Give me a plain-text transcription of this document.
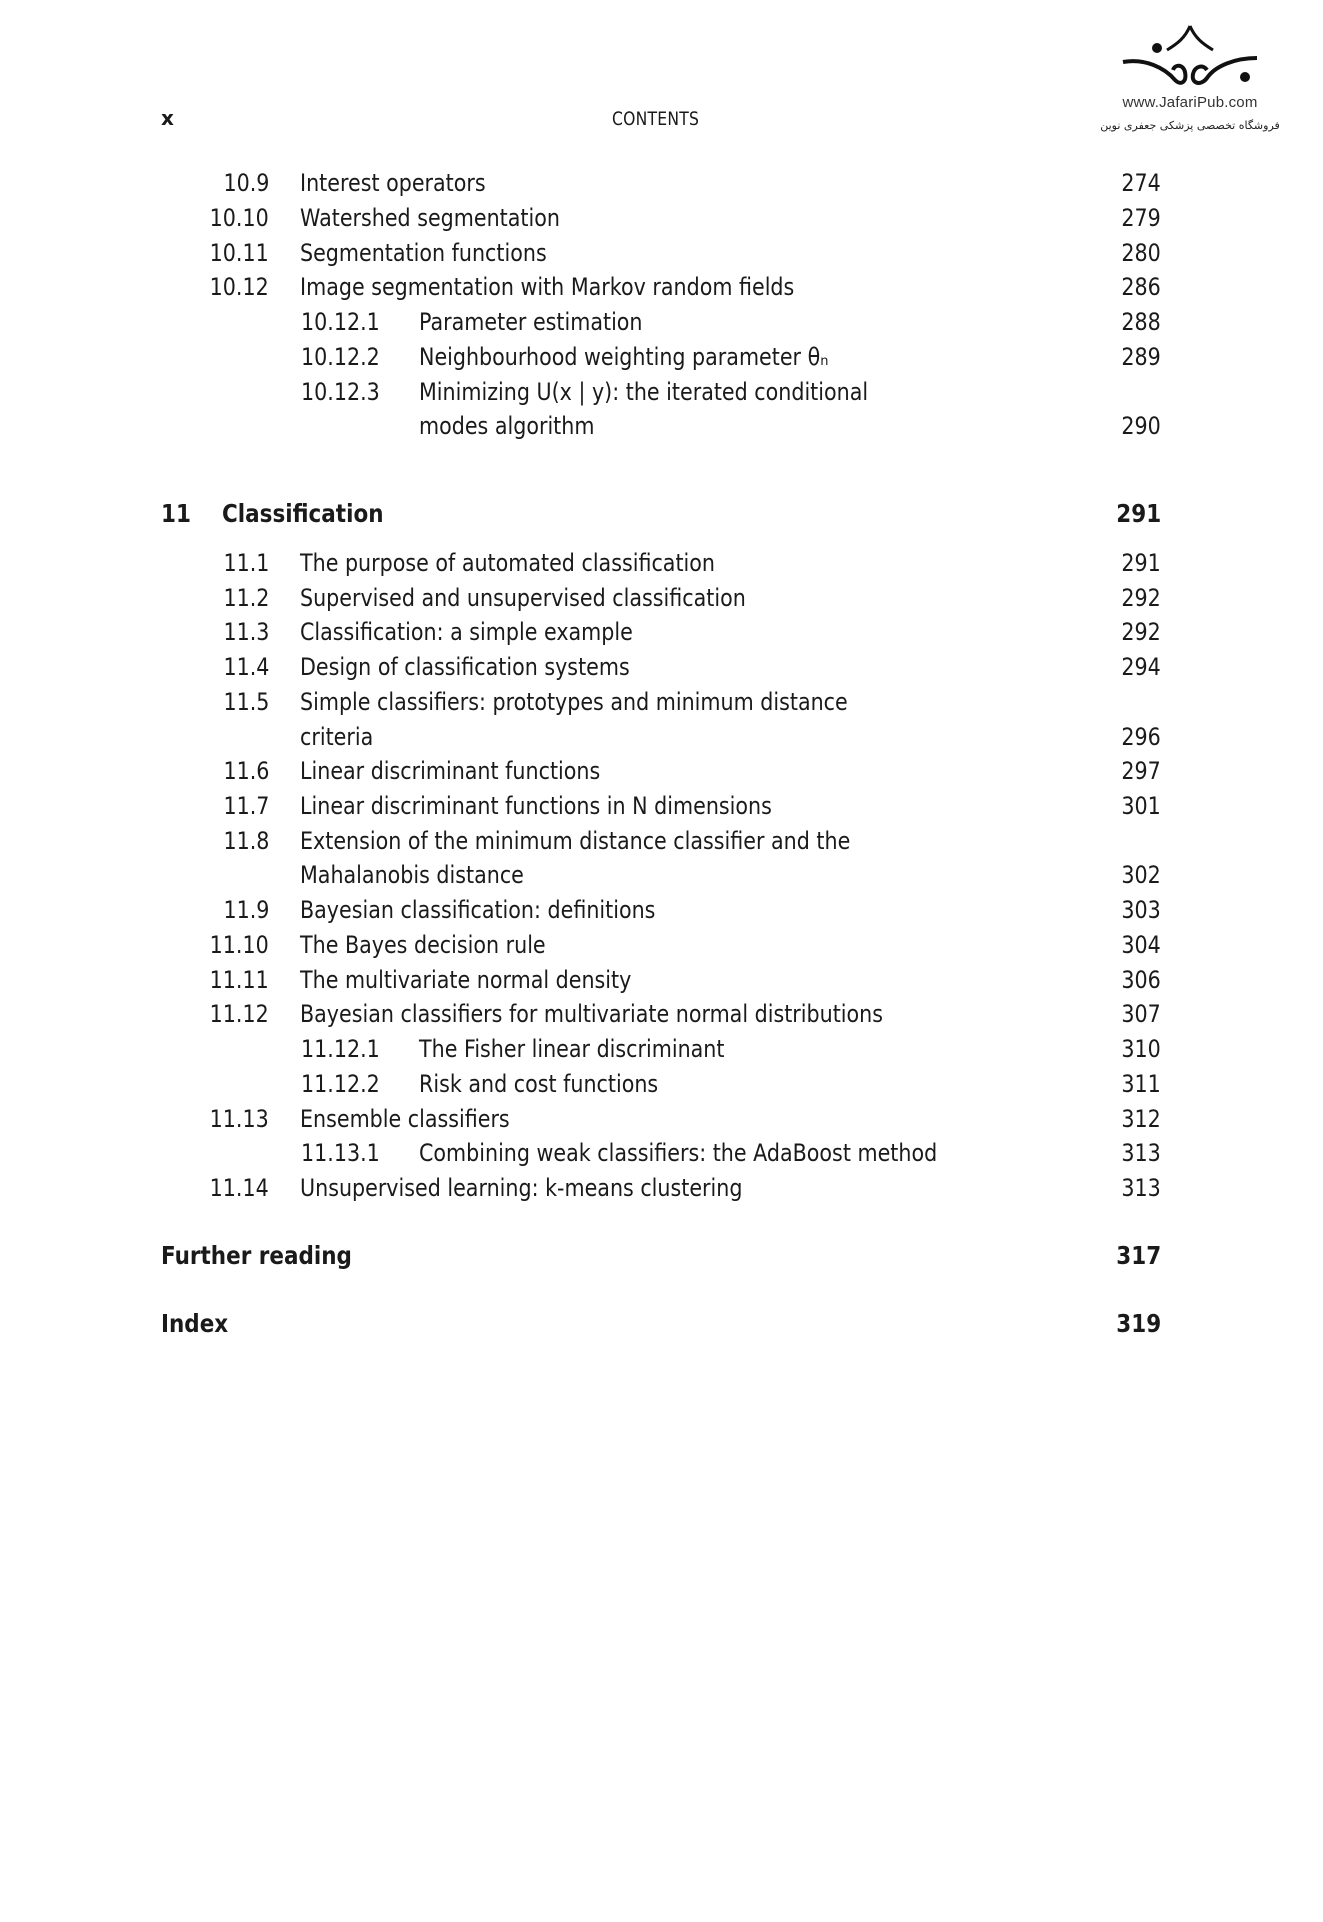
www.JafariPub.com
فروشگاه تخصصی پزشکی جعفری نوین
x	CONTENTS
10.9 Interest operators	274
10.10 Watershed segmentation	279
10.11 Segmentation functions	280
10.12 Image segmentation with Markov random fields	286
10.12.1 Parameter estimation	288
10.12.2 Neighbourhood weighting parameter θₙ	289
10.12.3 Minimizing U(x | y): the iterated conditional
modes algorithm	290
11 Classification	291
11.1 The purpose of automated classification	291
11.2 Supervised and unsupervised classification	292
11.3 Classification: a simple example	292
11.4 Design of classification systems	294
11.5 Simple classifiers: prototypes and minimum distance
criteria	296
11.6 Linear discriminant functions	297
11.7 Linear discriminant functions in N dimensions	301
11.8 Extension of the minimum distance classifier and the
Mahalanobis distance	302
11.9 Bayesian classification: definitions	303
11.10 The Bayes decision rule	304
11.11 The multivariate normal density	306
11.12 Bayesian classifiers for multivariate normal distributions	307
11.12.1 The Fisher linear discriminant	310
11.12.2 Risk and cost functions	311
11.13 Ensemble classifiers	312
11.13.1 Combining weak classifiers: the AdaBoost method	313
11.14 Unsupervised learning: k-means clustering	313
Further reading	317
Index	319
